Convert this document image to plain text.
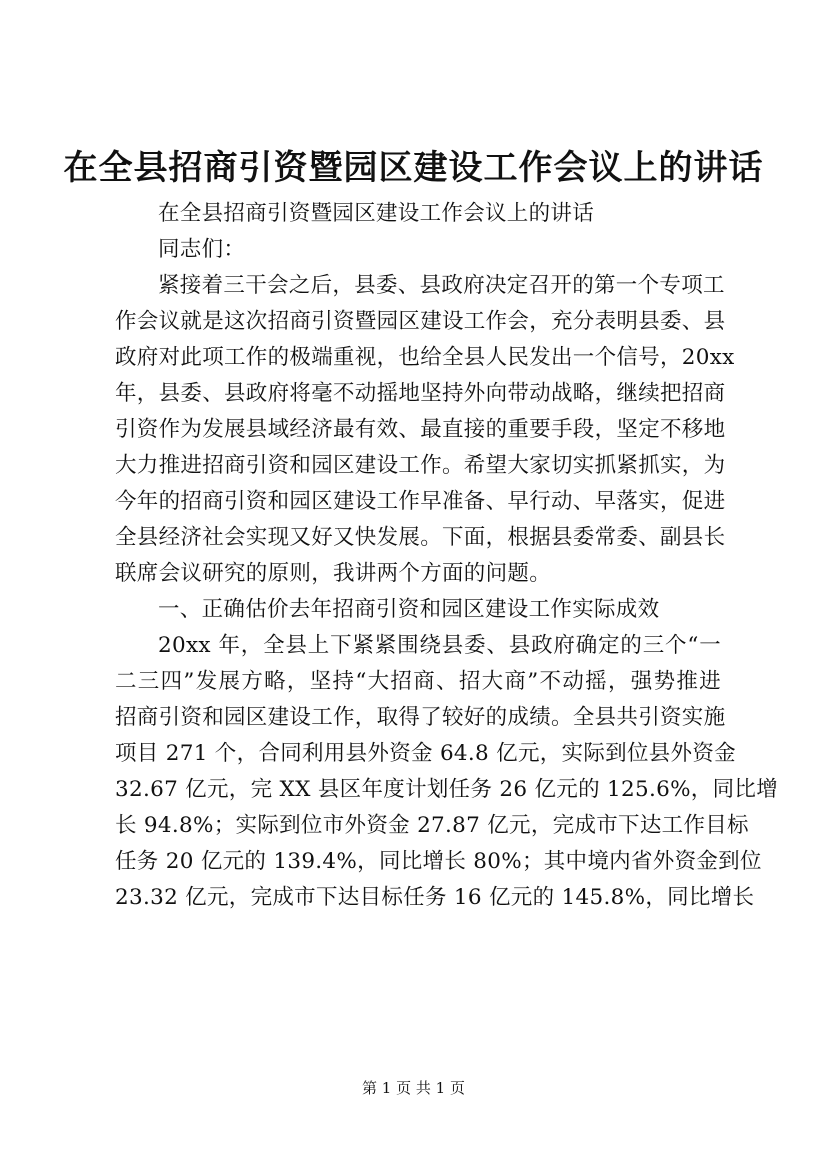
在全县招商引资暨园区建设工作会议上的讲话
在全县招商引资暨园区建设工作会议上的讲话
同志们：
紧接着三干会之后，县委、县政府决定召开的第一个专项工
作会议就是这次招商引资暨园区建设工作会，充分表明县委、县
政府对此项工作的极端重视，也给全县人民发出一个信号，20xx
年，县委、县政府将毫不动摇地坚持外向带动战略，继续把招商
引资作为发展县域经济最有效、最直接的重要手段，坚定不移地
大力推进招商引资和园区建设工作。希望大家切实抓紧抓实，为
今年的招商引资和园区建设工作早准备、早行动、早落实，促进
全县经济社会实现又好又快发展。下面，根据县委常委、副县长
联席会议研究的原则，我讲两个方面的问题。
一、正确估价去年招商引资和园区建设工作实际成效
20xx 年，全县上下紧紧围绕县委、县政府确定的三个“一
二三四”发展方略，坚持“大招商、招大商”不动摇，强势推进
招商引资和园区建设工作，取得了较好的成绩。全县共引资实施
项目 271 个，合同利用县外资金 64.8 亿元，实际到位县外资金
32.67 亿元，完 XX 县区年度计划任务 26 亿元的 125.6%，同比增
长 94.8%；实际到位市外资金 27.87 亿元，完成市下达工作目标
任务 20 亿元的 139.4%，同比增长 80%；其中境内省外资金到位
23.32 亿元，完成市下达目标任务 16 亿元的 145.8%，同比增长
第 1 页 共 1 页
